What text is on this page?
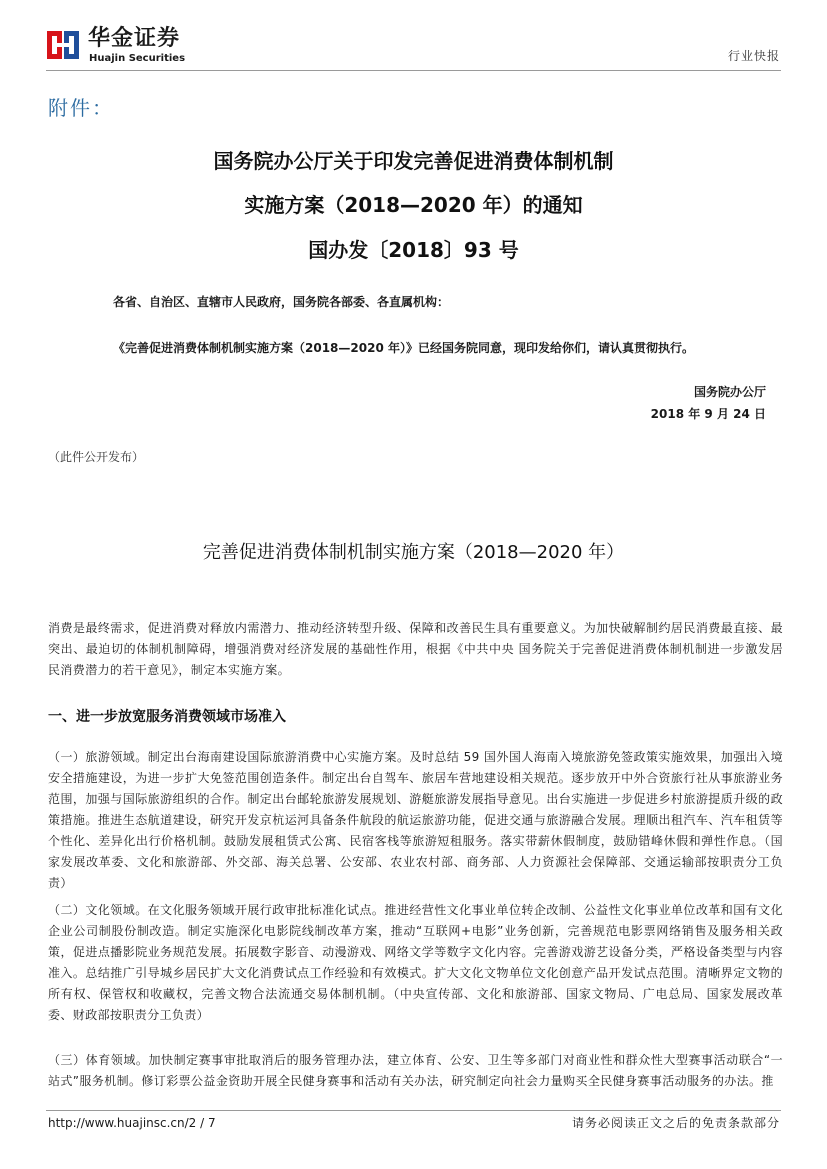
华金证券
Huajin Securities	行业快报
附件：
国务院办公厅关于印发完善促进消费体制机制
实施方案（2018—2020 年）的通知
国办发〔2018〕93 号
各省、自治区、直辖市人民政府，国务院各部委、各直属机构：
《完善促进消费体制机制实施方案（2018—2020 年）》已经国务院同意，现印发给你们，请认真贯彻执行。
国务院办公厅
2018 年 9 月 24 日
（此件公开发布）
完善促进消费体制机制实施方案（2018—2020 年）

消费是最终需求，促进消费对释放内需潜力、推动经济转型升级、保障和改善民生具有重要意义。为加快破解制约居民消费最直接、最突出、最迫切的体制机制障碍，增强消费对经济发展的基础性作用，根据《中共中央 国务院关于完善促进消费体制机制进一步激发居民消费潜力的若干意见》，制定本实施方案。

一、进一步放宽服务消费领域市场准入

（一）旅游领域。制定出台海南建设国际旅游消费中心实施方案。及时总结 59 国外国人海南入境旅游免签政策实施效果，加强出入境安全措施建设，为进一步扩大免签范围创造条件。制定出台自驾车、旅居车营地建设相关规范。逐步放开中外合资旅行社从事旅游业务范围，加强与国际旅游组织的合作。制定出台邮轮旅游发展规划、游艇旅游发展指导意见。出台实施进一步促进乡村旅游提质升级的政策措施。推进生态航道建设，研究开发京杭运河具备条件航段的航运旅游功能，促进交通与旅游融合发展。理顺出租汽车、汽车租赁等个性化、差异化出行价格机制。鼓励发展租赁式公寓、民宿客栈等旅游短租服务。落实带薪休假制度，鼓励错峰休假和弹性作息。（国家发展改革委、文化和旅游部、外交部、海关总署、公安部、农业农村部、商务部、人力资源社会保障部、交通运输部按职责分工负责）

（二）文化领域。在文化服务领域开展行政审批标准化试点。推进经营性文化事业单位转企改制、公益性文化事业单位改革和国有文化企业公司制股份制改造。制定实施深化电影院线制改革方案，推动“互联网+电影”业务创新，完善规范电影票网络销售及服务相关政策，促进点播影院业务规范发展。拓展数字影音、动漫游戏、网络文学等数字文化内容。完善游戏游艺设备分类，严格设备类型与内容准入。总结推广引导城乡居民扩大文化消费试点工作经验和有效模式。扩大文化文物单位文化创意产品开发试点范围。清晰界定文物的所有权、保管权和收藏权，完善文物合法流通交易体制机制。（中央宣传部、文化和旅游部、国家文物局、广电总局、国家发展改革委、财政部按职责分工负责）

（三）体育领域。加快制定赛事审批取消后的服务管理办法，建立体育、公安、卫生等多部门对商业性和群众性大型赛事活动联合“一站式”服务机制。修订彩票公益金资助开展全民健身赛事和活动有关办法，研究制定向社会力量购买全民健身赛事活动服务的办法。推

http://www.huajinsc.cn/2 / 7	请务必阅读正文之后的免责条款部分
